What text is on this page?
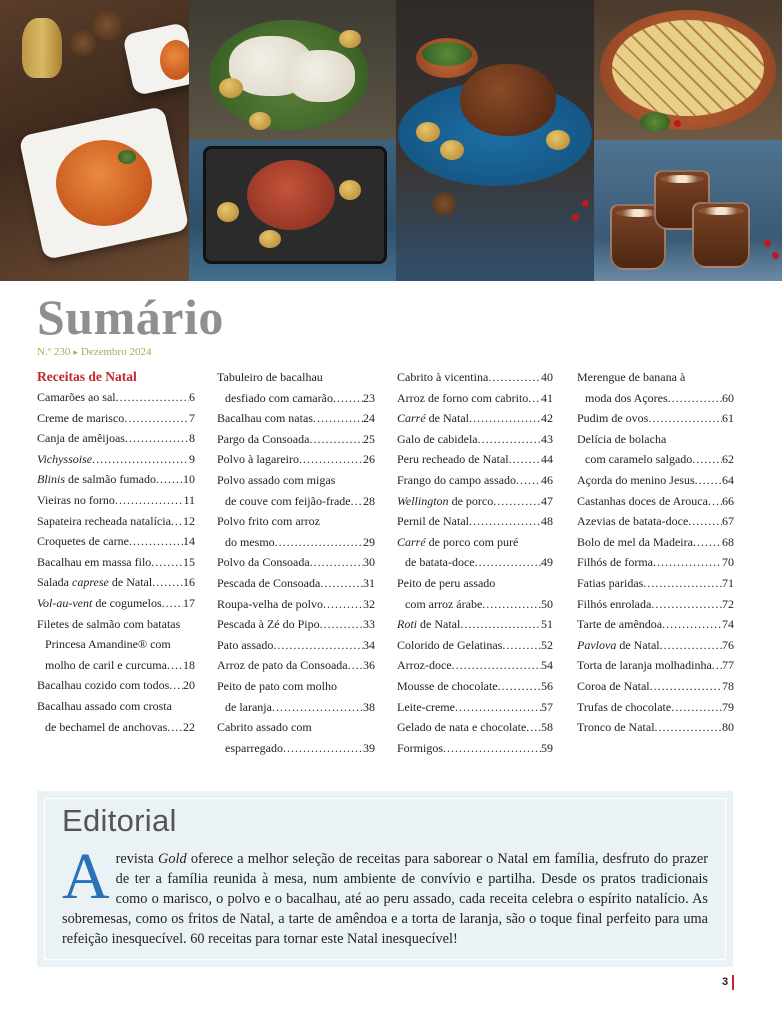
Sumário
N.º 230 ▸ Dezembro 2024
Receitas de Natal
Camarões ao sal .....	6
Creme de marisco .....	7
Canja de amêijoas .....	8
Vichyssoise .....	9
Blinis de salmão fumado ..... 10
Vieiras no forno .....	11
Sapateira recheada natalícia ..... 12
Croquetes de carne .....	14
Bacalhau em massa filo .....	15
Salada caprese de Natal .....	16
Vol-au-vent de cogumelos ..... 17
Filetes de salmão com batatas
Princesa Amandine® com
molho de caril e curcuma ..... 18
Bacalhau cozido com todos ..... 20
Bacalhau assado com crosta
de bechamel de anchovas ..... 22
Tabuleiro de bacalhau
desfiado com camarão .....	23
Bacalhau com natas .....	24
Pargo da Consoada .....	25
Polvo à lagareiro .....	26
Polvo assado com migas
de couve com feijão-frade ..... 28
Polvo frito com arroz
do mesmo .....	29
Polvo da Consoada .....	30
Pescada de Consoada .....	31
Roupa-velha de polvo .....	32
Pescada à Zé do Pipo .....	33
Pato assado .....	34
Arroz de pato da Consoada ..... 36
Peito de pato com molho
de laranja .....	38
Cabrito assado com
esparregado .....	39
Cabrito à vicentina .....	40
Arroz de forno com cabrito ..... 41
Carré de Natal .....	42
Galo de cabidela .....	43
Peru recheado de Natal .....	44
Frango do campo assado ..... 46
Wellington de porco .....	47
Pernil de Natal .....	48
Carré de porco com puré
de batata-doce .....	49
Peito de peru assado
com arroz árabe .....	50
Roti de Natal .....	51
Colorido de Gelatinas .....	52
Arroz-doce .....	54
Mousse de chocolate .....	56
Leite-creme .....	57
Gelado de nata e chocolate ..... 58
Formigos .....	59
Merengue de banana à
moda dos Açores .....	60
Pudim de ovos .....	61
Delícia de bolacha
com caramelo salgado ..... 62
Açorda do menino Jesus ..... 64
Castanhas doces de Arouca ..... 66
Azevias de batata-doce .....	67
Bolo de mel da Madeira ..... 68
Filhós de forma .....	70
Fatias paridas .....	71
Filhós enrolada .....	72
Tarte de amêndoa .....	74
Pavlova de Natal .....	76
Torta de laranja molhadinha ..... 77
Coroa de Natal .....	78
Trufas de chocolate .....	79
Tronco de Natal .....	80
Editorial
A revista Gold oferece a melhor seleção de receitas para saborear o Natal em família, desfruto do prazer de ter a família reunida à mesa, num ambiente de convívio e partilha. Desde os pratos tradicionais como o marisco, o polvo e o bacalhau, até ao peru assado, cada receita celebra o espírito natalício. As sobremesas, como os fritos de Natal, a tarte de amêndoa e a torta de laranja, são o toque final perfeito para uma refeição inesquecível. 60 receitas para tornar este Natal inesquecível!
3
